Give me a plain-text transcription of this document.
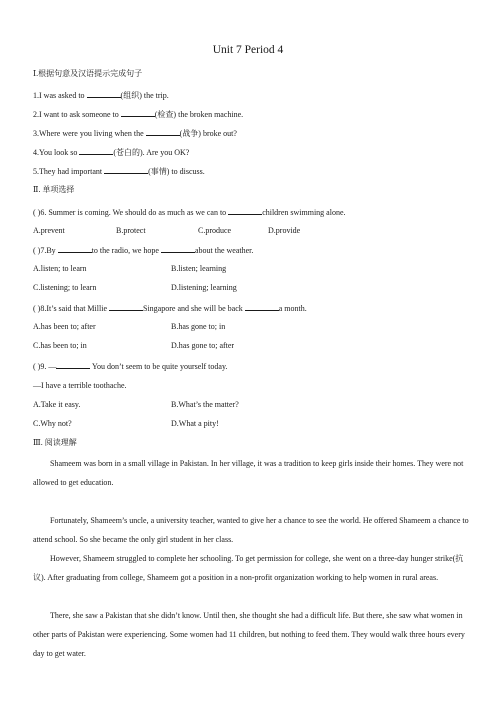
Unit 7 Period 4
Ⅰ.根据句意及汉语提示完成句子
1.I was asked to	(组织) the trip.
2.I want to ask someone to	(检查) the broken machine.
3.Where were you living when the	(战争) broke out?
4.You look so	(苍白的). Are you OK?
5.They had important	(事情) to discuss.
Ⅱ. 单项选择
( )6. Summer is coming. We should do as much as we can to	children swimming alone.
A.prevent	B.protect	C.produce	D.provide
( )7.By	to the radio, we hope	about the weather.
A.listen; to learn	B.listen; learning
C.listening; to learn	D.listening; learning
( )8.It’s said that Millie	Singapore and she will be back	a month.
A.has been to; after	B.has gone to; in
C.has been to; in	D.has gone to; after
( )9. —	You don’t seem to be quite yourself today.
—I have a terrible toothache.
A.Take it easy.	B.What’s the matter?
C.Why not?	D.What a pity!
Ⅲ. 阅读理解
Shameem was born in a small village in Pakistan. In her village, it was a tradition to keep girls inside their homes. They were not allowed to get education.
Fortunately, Shameem’s uncle, a university teacher, wanted to give her a chance to see the world. He offered Shameem a chance to attend school. So she became the only girl student in her class.
However, Shameem struggled to complete her schooling. To get permission for college, she went on a three-day hunger strike(抗议). After graduating from college, Shameem got a position in a non-profit organization working to help women in rural areas.
There, she saw a Pakistan that she didn’t know. Until then, she thought she had a difficult life. But there, she saw what women in other parts of Pakistan were experiencing. Some women had 11 children, but nothing to feed them. They would walk three hours every day to get water.
